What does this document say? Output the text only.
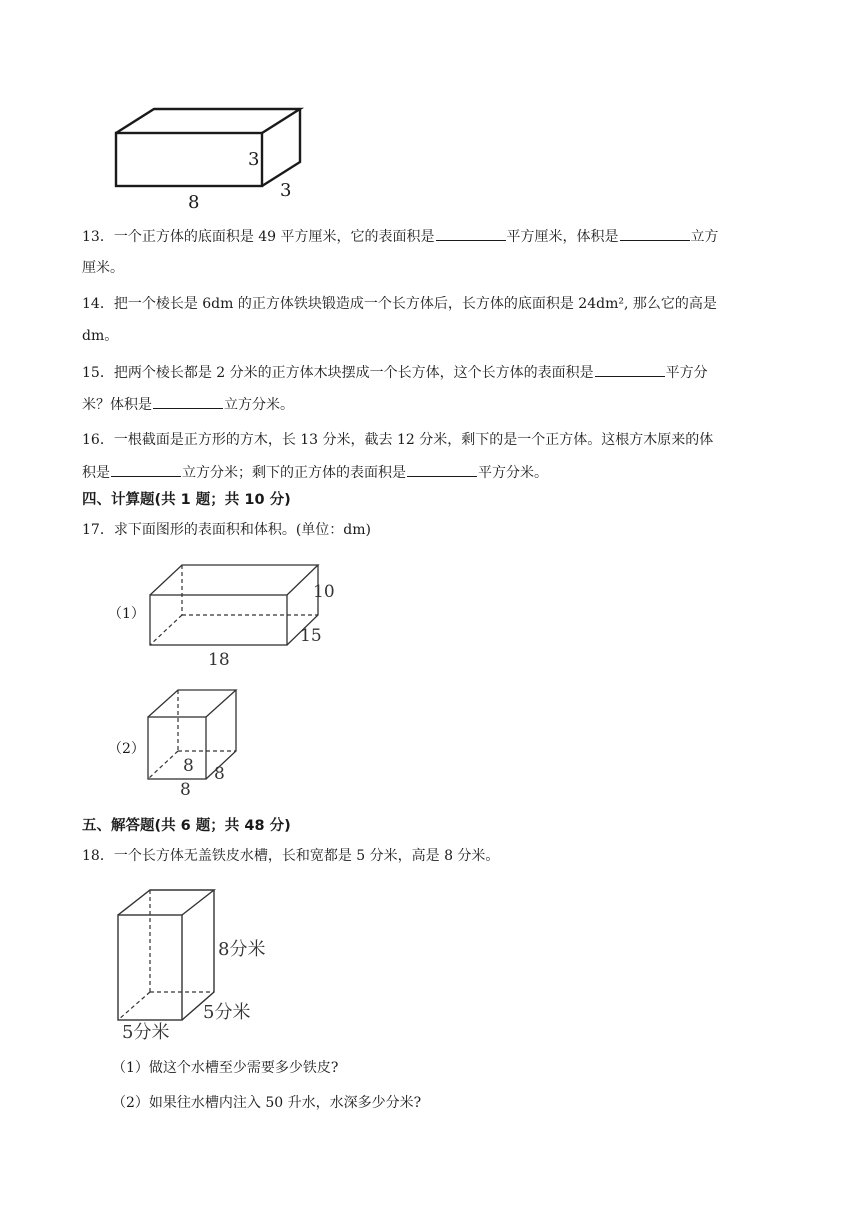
3
3
8
13．一个正方体的底面积是 49 平方厘米，它的表面积是	平方厘米，体积是	立方
厘米。
14．把一个棱长是 6dm 的正方体铁块锻造成一个长方体后，长方体的底面积是 24dm², 那么它的高是
dm。
15．把两个棱长都是 2 分米的正方体木块摆成一个长方体，这个长方体的表面积是	平方分
米？体积是	立方分米。
16．一根截面是正方形的方木，长 13 分米，截去 12 分米，剩下的是一个正方体。这根方木原来的体
积是	立方分米；剩下的正方体的表面积是	平方分米。
四、计算题(共 1 题；共 10 分)
17．求下面图形的表面积和体积。(单位：dm)
（1）
10
15
18
（2）
8 8
8
五、解答题(共 6 题；共 48 分)
18．一个长方体无盖铁皮水槽，长和宽都是 5 分米，高是 8 分米。
8分米
5分米
5分米
（1）做这个水槽至少需要多少铁皮?
（2）如果往水槽内注入 50 升水，水深多少分米?
